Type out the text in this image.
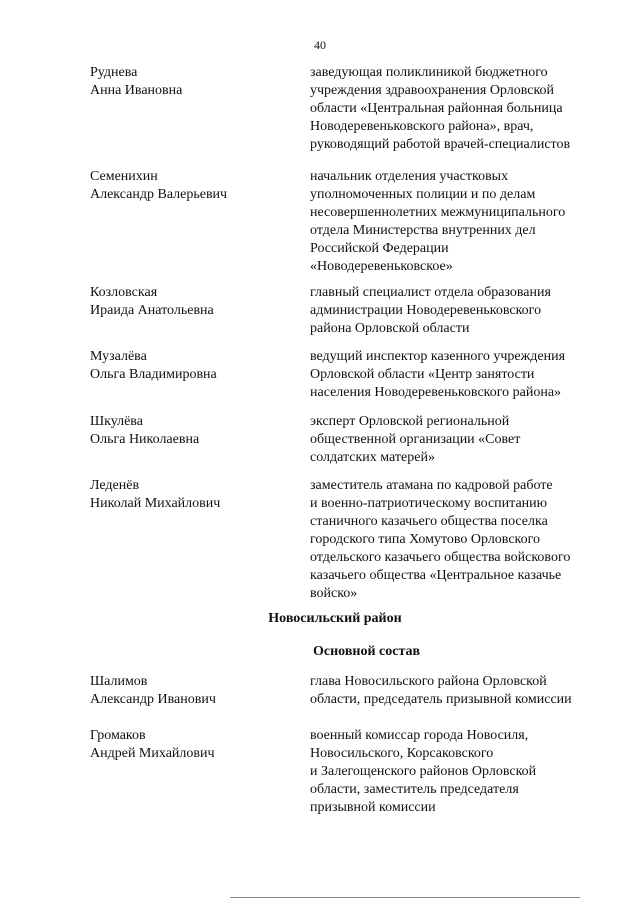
40
Руднева
Анна Ивановна
заведующая поликлиникой бюджетного
учреждения здравоохранения Орловской
области «Центральная районная больница
Новодеревеньковского района», врач,
руководящий работой врачей-специалистов
Семенихин
Александр Валерьевич
начальник отделения участковых
уполномоченных полиции и по делам
несовершеннолетних межмуниципального
отдела Министерства внутренних дел
Российской Федерации
«Новодеревеньковское»
Козловская
Ираида Анатольевна
главный специалист отдела образования
администрации Новодеревеньковского
района Орловской области
Музалёва
Ольга Владимировна
ведущий инспектор казенного учреждения
Орловской области «Центр занятости
населения Новодеревеньковского района»
Шкулёва
Ольга Николаевна
эксперт Орловской региональной
общественной организации «Совет
солдатских матерей»
Леденёв
Николай Михайлович
заместитель атамана по кадровой работе
и военно-патриотическому воспитанию
станичного казачьего общества поселка
городского типа Хомутово Орловского
отдельского казачьего общества войскового
казачьего общества «Центральное казачье
войско»
Новосильский район
Основной состав
Шалимов
Александр Иванович
глава Новосильского района Орловской
области, председатель призывной комиссии
Громаков
Андрей Михайлович
военный комиссар города Новосиля,
Новосильского, Корсаковского
и Залегощенского районов Орловской
области, заместитель председателя
призывной комиссии
